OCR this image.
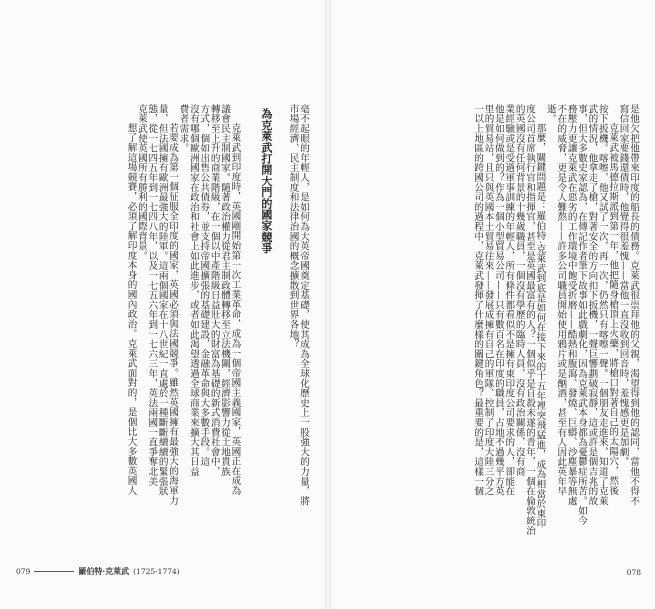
毫不起眼的年輕人，是如何為大英帝國奠定基礎，使其成為全球化歷史上一股強大的力量，將
市場經濟、民主制度和法律治國的概念擴散到世界各地？
為克萊武打開大門的國家競爭
克萊武到印度時，英國剛開始第一次工業革命，成為一個帝國主義國家，英國正在成為
議會民主制國家。隨著政治權力從君主制政體轉移至立法機關，經濟影響力從土地貴族
轉移至上升的商業階級，在一個以中產階級日益壯大的財富為基礎的新式消費社會中，
方式，個如出售公共債券，並支持帝國擴張的基礎建設，金融革命與大多數手段。這
沒有哪個歐洲國家在政治和社會上如此進步，或者如此渴望透過全球商業來擴大其日益
費者需求。
若要成為第一個征服全印度的國家，英國必須與法國競爭。雖然英國擁有最強大的海軍力
量，但法國擁有歐洲最強大的陸軍。這兩個國家在十八世紀一直處於一種斷斷續續的緊張狀
態，從一七四五年到一七四八年，以及一七五六年到一七六三年，英法兩國一直爭奪北美
克萊武使英國所有勝利的國際背景。
想了解這場競賽，必須了解印度本身的國內政治。克萊武面對的，是個比大多數英國人
079	羅伯特·克萊武 (1725-1774)
是他欠把他帶來印度的船長的債務。克萊武很崇拜他的父親，渴望得到他的認同，當他不得不
寫信回家要錢還債時，他覺得很羞愧——當他一直沒收到回音時，羞愧感更是加劇。
克萊武被馬德拉斯派到第一年，他把隨身槍頂上火藥，將槍口對著自己的太陽穴，然後
按下扳機。喀嚓，他又試了一次，再一次，仍然只有喀嚓一聲。一個朋友走進來，知道了克萊
武的情況，他拿走了槍，對著安全的方向扣下扳機，一聲巨響劃破寂靜，這或許是個吉兆的故
事，但大多數史家認為，在傳記作者筆下故事如此戲劇化，因為克萊武本身都為憂鬱症所苦。如今
務壓力更讓克萊武在惡劣的工作環境中飽受折磨——酷熱和腹瀉、發燒、巨蟒、沙塵暴等無處
不在的威脅，更是令人難熬——許多公司職員開始使用鴉片或是酗酒，甚至有人因此英年早
逝。
那麼，關鍵問題是：羅伯特·克萊武到底是如何在接下來的十五年裡突飛猛進，成為相當於東印
度公司首席執行官和指揮官，甚至是英國最富有的人？一個似乎是自殺未遂的青年，一個在倫敦統治
的英國沒有任何背景的十幾歲職員，一個沒有學歷的臨時人員，沒有政治關係，沒有商
業經驗或是受過軍事訓練的年輕人，所有條件都看似不是擁有東印度公司要求的人，卻能在
他是如何做到的？作為一個小型貿易公司——只有數百名在印度的職員，占地不過幾平方英
里的貿易站，且只與英國本土貿易往來——發展成擁有自己的軍隊、控制了印度大陸三分之
一以上地區的跨國公司的過程中，克萊武發揮了什麼樣的關鍵角色？最重要的是，這樣一個
078
